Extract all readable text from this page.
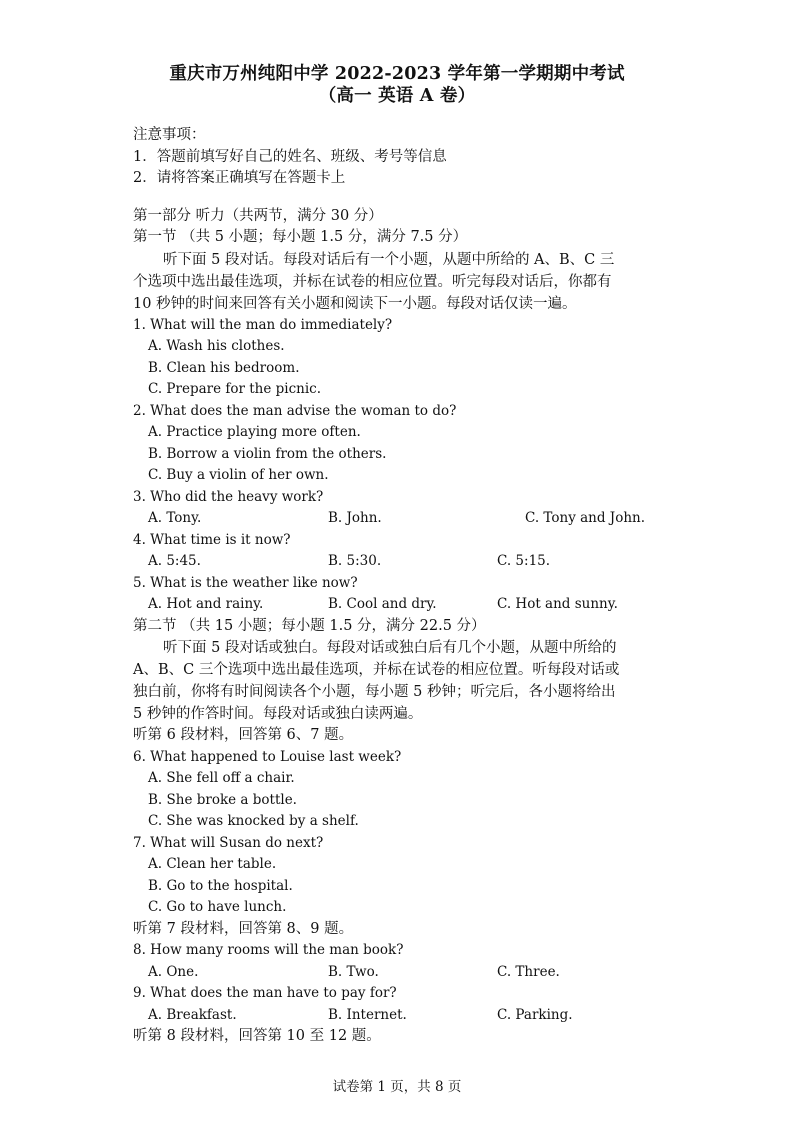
重庆市万州纯阳中学 2022-2023 学年第一学期期中考试
（高一 英语 A 卷）
注意事项：
1．答题前填写好自己的姓名、班级、考号等信息
2．请将答案正确填写在答题卡上
第一部分 听力（共两节，满分 30 分）
第一节 （共 5 小题；每小题 1.5 分，满分 7.5 分）
听下面 5 段对话。每段对话后有一个小题，从题中所给的 A、B、C 三
个选项中选出最佳选项，并标在试卷的相应位置。听完每段对话后，你都有
10 秒钟的时间来回答有关小题和阅读下一小题。每段对话仅读一遍。
1. What will the man do immediately?
A. Wash his clothes.
B. Clean his bedroom.
C. Prepare for the picnic.
2. What does the man advise the woman to do?
A. Practice playing more often.
B. Borrow a violin from the others.
C. Buy a violin of her own.
3. Who did the heavy work?
A. Tony.	B. John.	C. Tony and John.
4. What time is it now?
A. 5:45.	B. 5:30.	C. 5:15.
5. What is the weather like now?
A. Hot and rainy.	B. Cool and dry.	C. Hot and sunny.
第二节 （共 15 小题；每小题 1.5 分，满分 22.5 分）
听下面 5 段对话或独白。每段对话或独白后有几个小题，从题中所给的
A、B、C 三个选项中选出最佳选项，并标在试卷的相应位置。听每段对话或
独白前，你将有时间阅读各个小题，每小题 5 秒钟；听完后，各小题将给出
5 秒钟的作答时间。每段对话或独白读两遍。
听第 6 段材料，回答第 6、7 题。
6. What happened to Louise last week?
A. She fell off a chair.
B. She broke a bottle.
C. She was knocked by a shelf.
7. What will Susan do next?
A. Clean her table.
B. Go to the hospital.
C. Go to have lunch.
听第 7 段材料，回答第 8、9 题。
8. How many rooms will the man book?
A. One.	B. Two.	C. Three.
9. What does the man have to pay for?
A. Breakfast.	B. Internet.	C. Parking.
听第 8 段材料，回答第 10 至 12 题。
试卷第 1 页，共 8 页
